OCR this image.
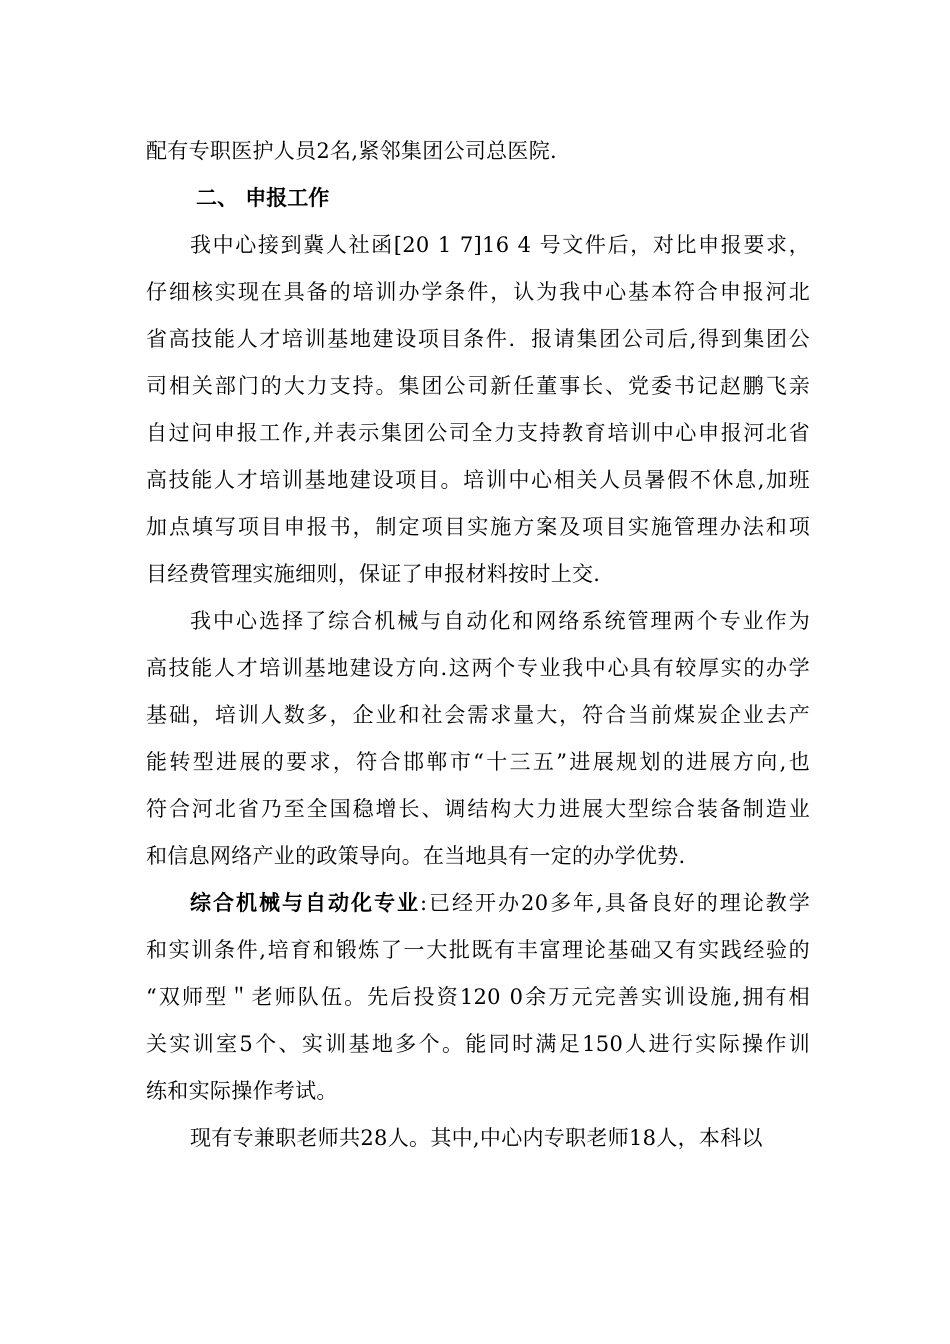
配有专职医护人员2名,紧邻集团公司总医院.

二、 申报工作

我中心接到冀人社函[20 1 7]16 4 号文件后，对比申报要求，
仔细核实现在具备的培训办学条件，认为我中心基本符合申报河北
省高技能人才培训基地建设项目条件．报请集团公司后,得到集团公
司相关部门的大力支持。集团公司新任董事长、党委书记赵鹏飞亲
自过问申报工作,并表示集团公司全力支持教育培训中心申报河北省
高技能人才培训基地建设项目。培训中心相关人员暑假不休息,加班
加点填写项目申报书，制定项目实施方案及项目实施管理办法和项
目经费管理实施细则，保证了申报材料按时上交.

我中心选择了综合机械与自动化和网络系统管理两个专业作为
高技能人才培训基地建设方向.这两个专业我中心具有较厚实的办学
基础，培训人数多，企业和社会需求量大，符合当前煤炭企业去产
能转型进展的要求，符合邯郸市“十三五”进展规划的进展方向,也
符合河北省乃至全国稳增长、调结构大力进展大型综合装备制造业
和信息网络产业的政策导向。在当地具有一定的办学优势.

综合机械与自动化专业:已经开办20多年,具备良好的理论教学
和实训条件,培育和锻炼了一大批既有丰富理论基础又有实践经验的
“双师型＂老师队伍。先后投资120 0余万元完善实训设施,拥有相
关实训室5个、实训基地多个。能同时满足150人进行实际操作训
练和实际操作考试。

现有专兼职老师共28人。其中,中心内专职老师18人，本科以
